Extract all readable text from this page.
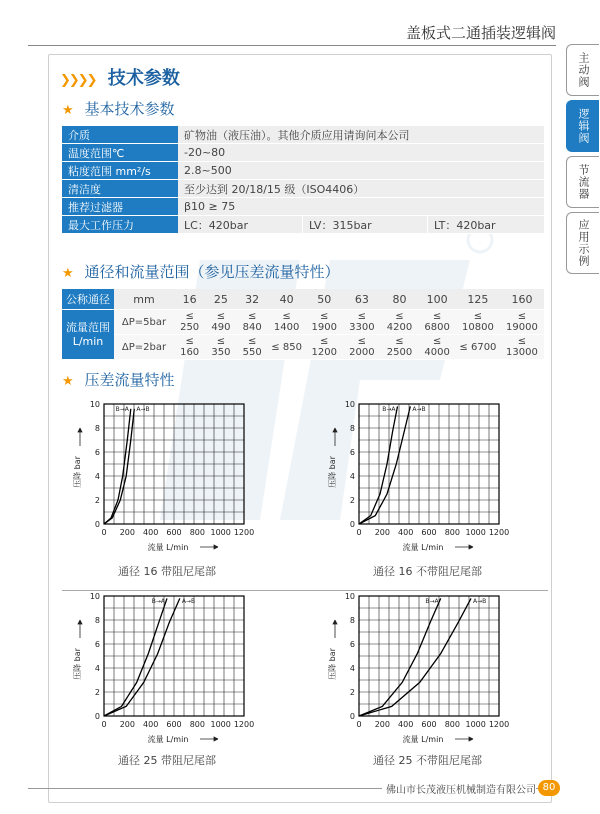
盖板式二通插装逻辑阀
主动阀
逻辑阀
节流器
应用示例
❯❯❯❯ 技术参数
★ 基本技术参数
介质	矿物油（液压油）。其他介质应用请询问本公司		
温度范围℃	-20~80		
粘度范围 mm²/s	2.8~500		
清洁度	至少达到 20/18/15 级（ISO4406）		
推荐过滤器	β10 ≥ 75		
最大工作压力	LC：420bar	LV：315bar	LT：420bar
★ 通径和流量范围（参见压差流量特性）
公称通径	mm	16	25	32	40	50	63	80	100	125	160
流量范围 L/min	ΔP=5bar	≤ 250	≤ 490	≤ 840	≤ 1400	≤ 1900	≤ 3300	≤ 4200	≤ 6800	≤ 10800	≤ 19000
	ΔP=2bar	≤ 160	≤ 350	≤ 550	≤ 850	≤ 1200	≤ 2000	≤ 2500	≤ 4000	≤ 6700	≤ 13000
★ 压差流量特性
0 200 400 600 800 1000 1200
0
2
4
6
8
10
流量 L/min
压降 bar
B→A A→B
0 200 400 600 800 1000 1200
0
2
4
6
8
10
流量 L/min
压降 bar
B→A	A→B
0 200 400 600 800 1000 1200
0
2
4
6
8
10
流量 L/min
压降 bar
B→A	A→B
0 200 400 600 800 1000 1200
0
2
4
6
8
10
流量 L/min
压降 bar
B→A	A→B
通径 16 带阻尼尾部	通径 16 不带阻尼尾部
通径 25 带阻尼尾部	通径 25 不带阻尼尾部
佛山市长茂液压机械制造有限公司 80
